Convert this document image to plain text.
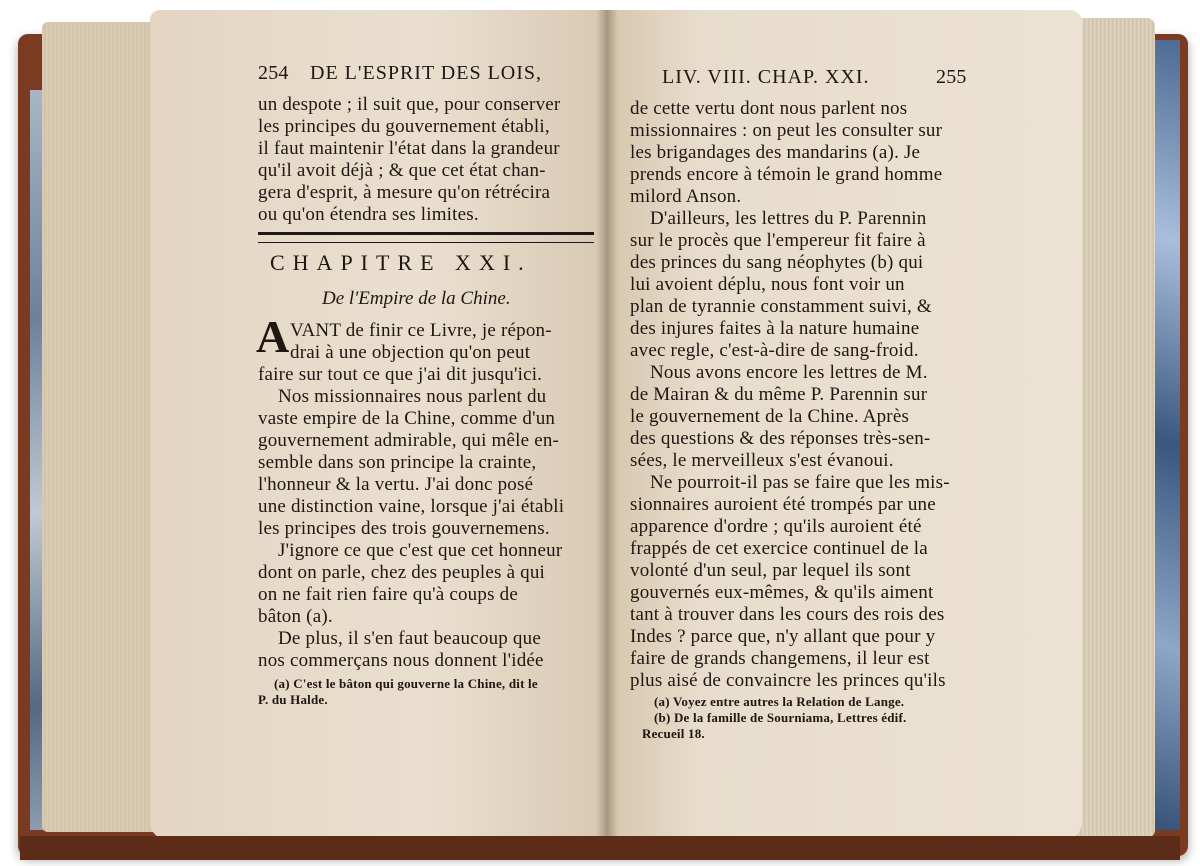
254 DE L'ESPRIT DES LOIS,
un despote ; il suit que, pour conserver
les principes du gouvernement établi,
il faut maintenir l'état dans la grandeur
qu'il avoit déjà ; & que cet état chan-
gera d'esprit, à mesure qu'on rétrécira
ou qu'on étendra ses limites.
CHAPITRE XXI.
De l'Empire de la Chine.
A VANT de finir ce Livre, je répon-
drai à une objection qu'on peut
faire sur tout ce que j'ai dit jusqu'ici.
Nos missionnaires nous parlent du
vaste empire de la Chine, comme d'un
gouvernement admirable, qui mêle en-
semble dans son principe la crainte,
l'honneur & la vertu. J'ai donc posé
une distinction vaine, lorsque j'ai établi
les principes des trois gouvernemens.
J'ignore ce que c'est que cet honneur
dont on parle, chez des peuples à qui
on ne fait rien faire qu'à coups de
bâton (a).
De plus, il s'en faut beaucoup que
nos commerçans nous donnent l'idée
(a) C'est le bâton qui gouverne la Chine, dit le
P. du Halde.
LIV. VIII. CHAP. XXI.	255
de cette vertu dont nous parlent nos
missionnaires : on peut les consulter sur
les brigandages des mandarins (a). Je
prends encore à témoin le grand homme
milord Anson.
D'ailleurs, les lettres du P. Parennin
sur le procès que l'empereur fit faire à
des princes du sang néophytes (b) qui
lui avoient déplu, nous font voir un
plan de tyrannie constamment suivi, &
des injures faites à la nature humaine
avec regle, c'est-à-dire de sang-froid.
Nous avons encore les lettres de M.
de Mairan & du même P. Parennin sur
le gouvernement de la Chine. Après
des questions & des réponses très-sen-
sées, le merveilleux s'est évanoui.
Ne pourroit-il pas se faire que les mis-
sionnaires auroient été trompés par une
apparence d'ordre ; qu'ils auroient été
frappés de cet exercice continuel de la
volonté d'un seul, par lequel ils sont
gouvernés eux-mêmes, & qu'ils aiment
tant à trouver dans les cours des rois des
Indes ? parce que, n'y allant que pour y
faire de grands changemens, il leur est
plus aisé de convaincre les princes qu'ils
(a) Voyez entre autres la Relation de Lange.
(b) De la famille de Sourniama, Lettres édif.
Recueil 18.
